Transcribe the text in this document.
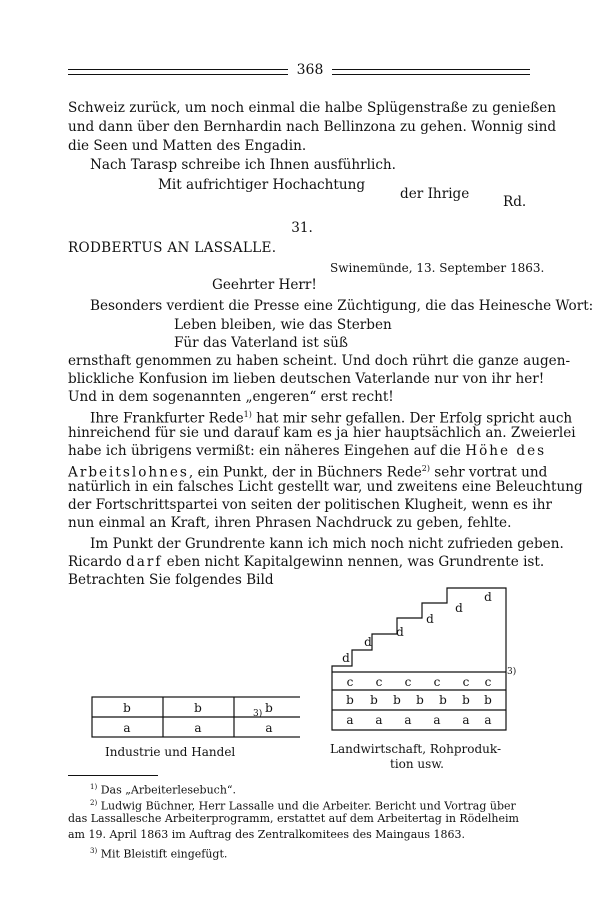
368
Schweiz zurück, um noch einmal die halbe Splügenstraße zu genießen
und dann über den Bernhardin nach Bellinzona zu gehen. Wonnig sind
die Seen und Matten des Engadin.
Nach Tarasp schreibe ich Ihnen ausführlich.
Mit aufrichtiger Hochachtung
der Ihrige Rd.
31.
RODBERTUS AN LASSALLE.
Swinemünde, 13. September 1863.
Geehrter Herr!
Besonders verdient die Presse eine Züchtigung, die das Heinesche Wort:
Leben bleiben, wie das Sterben
Für das Vaterland ist süß
ernsthaft genommen zu haben scheint. Und doch rührt die ganze augen-
blickliche Konfusion im lieben deutschen Vaterlande nur von ihr her!
Und in dem sogenannten „engeren“ erst recht!
Ihre Frankfurter Rede$^{1)}$ hat mir sehr gefallen. Der Erfolg spricht auch
hinreichend für sie und darauf kam es ja hier hauptsächlich an. Zweierlei
habe ich übrigens vermißt: ein näheres Eingehen auf die Höhe des
Arbeitslohnes, ein Punkt, der in Büchners Rede$^{2)}$ sehr vortrat und
natürlich in ein falsches Licht gestellt war, und zweitens eine Beleuchtung
der Fortschrittspartei von seiten der politischen Klugheit, wenn es ihr
nun einmal an Kraft, ihren Phrasen Nachdruck zu geben, fehlte.
Im Punkt der Grundrente kann ich mich noch nicht zufrieden geben.
Ricardo darf eben nicht Kapitalgewinn nennen, was Grundrente ist.
Betrachten Sie folgendes Bild
b	b	b
a	a	a
3)
Industrie und Handel
d
d
d
d
d
d
c c c c c c
b b b b b b b
a a a a a a
3)
Landwirtschaft, Rohproduk-
tion usw.
$^{1)}$ Das „Arbeiterlesebuch“.
$^{2)}$ Ludwig Büchner, Herr Lassalle und die Arbeiter. Bericht und Vortrag über
das Lassallesche Arbeiterprogramm, erstattet auf dem Arbeitertag in Rödelheim
am 19. April 1863 im Auftrag des Zentralkomitees des Maingaus 1863.
$^{3)}$ Mit Bleistift eingefügt.
